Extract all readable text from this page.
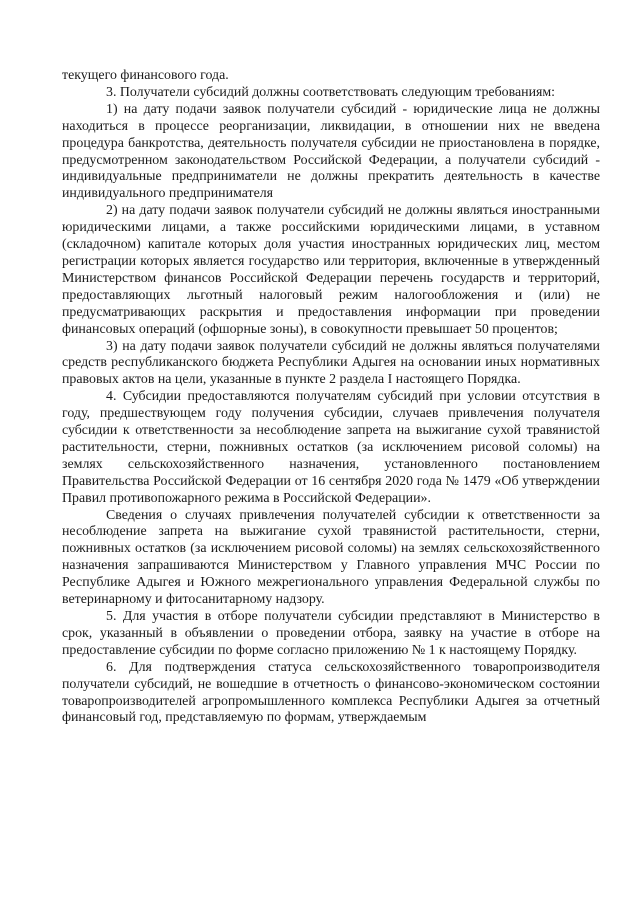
текущего финансового года.

3. Получатели субсидий должны соответствовать следующим требованиям:

1) на дату подачи заявок получатели субсидий - юридические лица не должны находиться в процессе реорганизации, ликвидации, в отношении них не введена процедура банкротства, деятельность получателя субсидии не приостановлена в порядке, предусмотренном законодательством Российской Федерации, а получатели субсидий - индивидуальные предприниматели не должны прекратить деятельность в качестве индивидуального предпринимателя

2) на дату подачи заявок получатели субсидий не должны являться иностранными юридическими лицами, а также российскими юридическими лицами, в уставном (складочном) капитале которых доля участия иностранных юридических лиц, местом регистрации которых является государство или территория, включенные в утвержденный Министерством финансов Российской Федерации перечень государств и территорий, предоставляющих льготный налоговый режим налогообложения и (или) не предусматривающих раскрытия и предоставления информации при проведении финансовых операций (офшорные зоны), в совокупности превышает 50 процентов;

3) на дату подачи заявок получатели субсидий не должны являться получателями средств республиканского бюджета Республики Адыгея на основании иных нормативных правовых актов на цели, указанные в пункте 2 раздела I настоящего Порядка.

4. Субсидии предоставляются получателям субсидий при условии отсутствия в году, предшествующем году получения субсидии, случаев привлечения получателя субсидии к ответственности за несоблюдение запрета на выжигание сухой травянистой растительности, стерни, пожнивных остатков (за исключением рисовой соломы) на землях сельскохозяйственного назначения, установленного постановлением Правительства Российской Федерации от 16 сентября 2020 года № 1479 «Об утверждении Правил противопожарного режима в Российской Федерации».

Сведения о случаях привлечения получателей субсидии к ответственности за несоблюдение запрета на выжигание сухой травянистой растительности, стерни, пожнивных остатков (за исключением рисовой соломы) на землях сельскохозяйственного назначения запрашиваются Министерством у Главного управления МЧС России по Республике Адыгея и Южного межрегионального управления Федеральной службы по ветеринарному и фитосанитарному надзору.

5. Для участия в отборе получатели субсидии представляют в Министерство в срок, указанный в объявлении о проведении отбора, заявку на участие в отборе на предоставление субсидии по форме согласно приложению № 1 к настоящему Порядку.

6. Для подтверждения статуса сельскохозяйственного товаропроизводителя получатели субсидий, не вошедшие в отчетность о финансово-экономическом состоянии товаропроизводителей агропромышленного комплекса Республики Адыгея за отчетный финансовый год, представляемую по формам, утверждаемым
